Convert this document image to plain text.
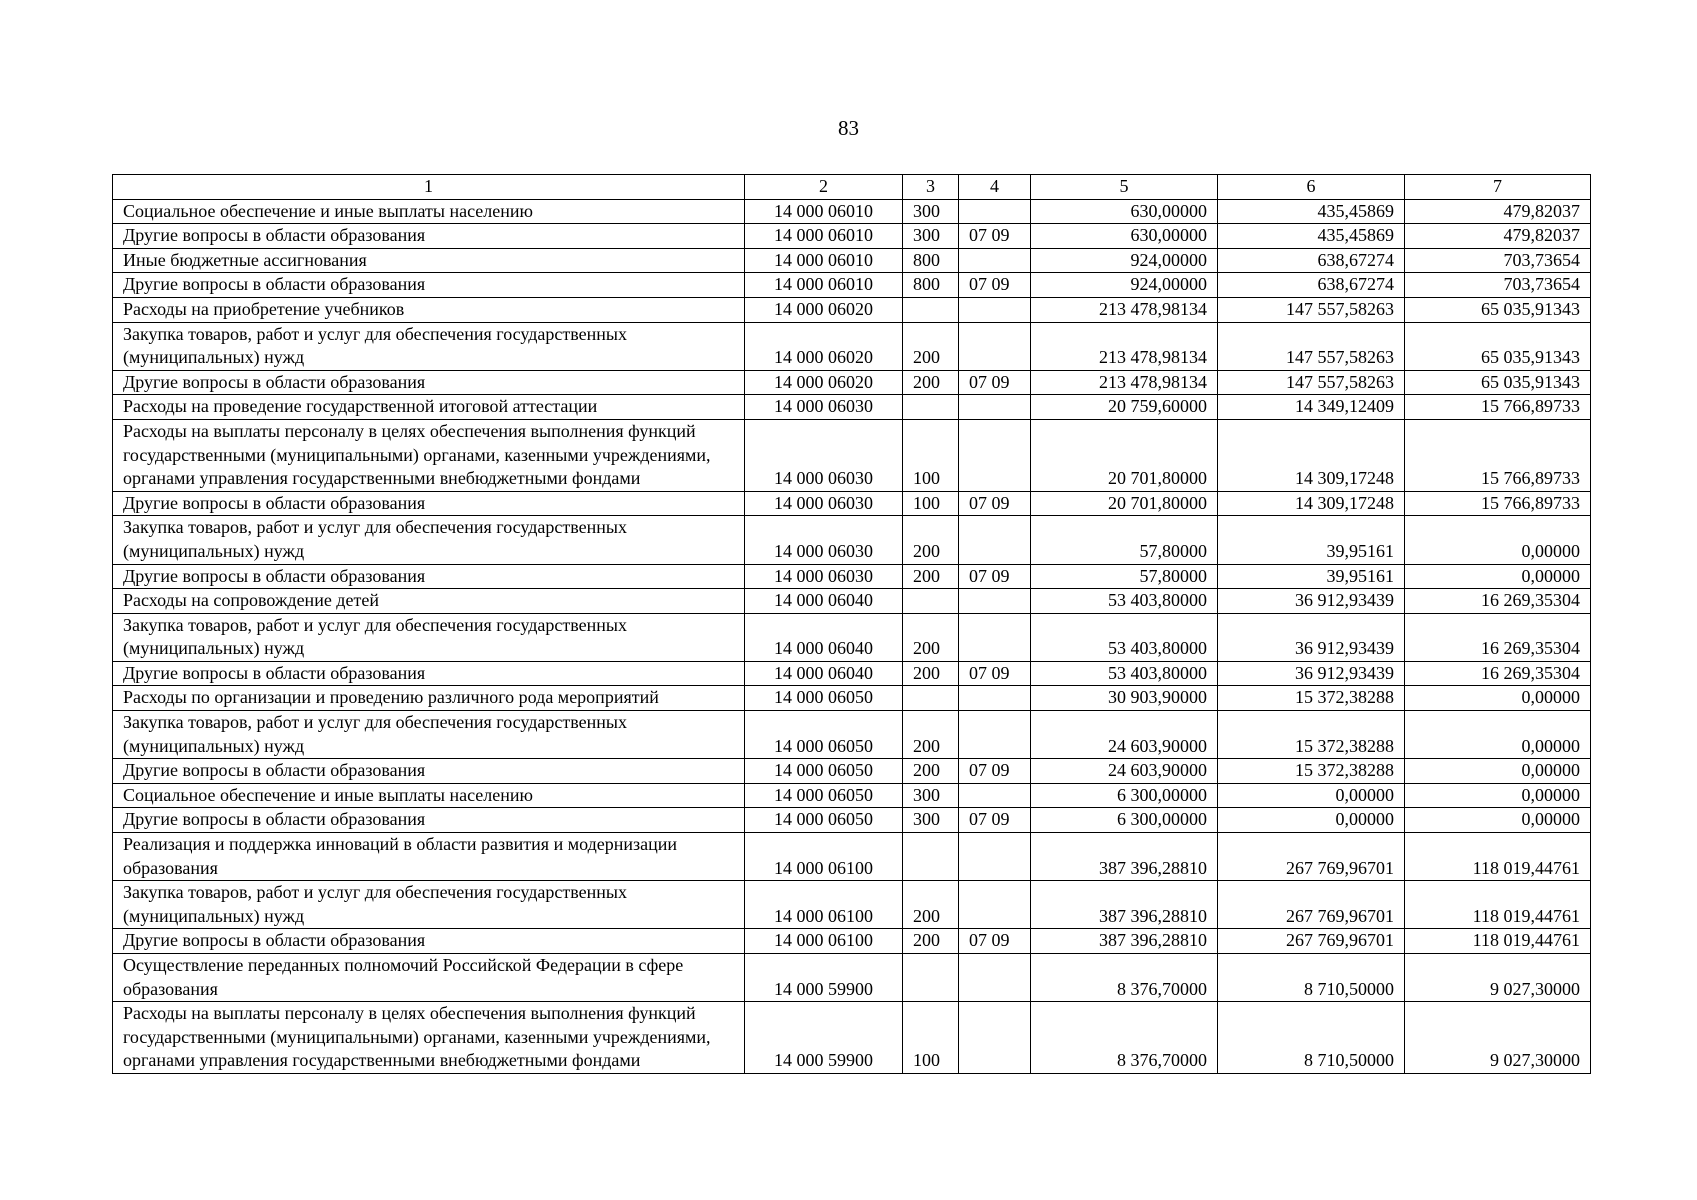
83
1	2	3	4	5	6	7
Социальное обеспечение и иные выплаты населению	14 000 06010	300		630,00000	435,45869	479,82037
Другие вопросы в области образования	14 000 06010	300	07 09	630,00000	435,45869	479,82037
Иные бюджетные ассигнования	14 000 06010	800		924,00000	638,67274	703,73654
Другие вопросы в области образования	14 000 06010	800	07 09	924,00000	638,67274	703,73654
Расходы на приобретение учебников	14 000 06020			213 478,98134	147 557,58263	65 035,91343
Закупка товаров, работ и услуг для обеспечения государственных (муниципальных) нужд	14 000 06020	200		213 478,98134	147 557,58263	65 035,91343
Другие вопросы в области образования	14 000 06020	200	07 09	213 478,98134	147 557,58263	65 035,91343
Расходы на проведение государственной итоговой аттестации	14 000 06030			20 759,60000	14 349,12409	15 766,89733
Расходы на выплаты персоналу в целях обеспечения выполнения функций государственными (муниципальными) органами, казенными учреждениями, органами управления государственными внебюджетными фондами	14 000 06030	100		20 701,80000	14 309,17248	15 766,89733
Другие вопросы в области образования	14 000 06030	100	07 09	20 701,80000	14 309,17248	15 766,89733
Закупка товаров, работ и услуг для обеспечения государственных (муниципальных) нужд	14 000 06030	200		57,80000	39,95161	0,00000
Другие вопросы в области образования	14 000 06030	200	07 09	57,80000	39,95161	0,00000
Расходы на сопровождение детей	14 000 06040			53 403,80000	36 912,93439	16 269,35304
Закупка товаров, работ и услуг для обеспечения государственных (муниципальных) нужд	14 000 06040	200		53 403,80000	36 912,93439	16 269,35304
Другие вопросы в области образования	14 000 06040	200	07 09	53 403,80000	36 912,93439	16 269,35304
Расходы по организации и проведению различного рода мероприятий	14 000 06050			30 903,90000	15 372,38288	0,00000
Закупка товаров, работ и услуг для обеспечения государственных (муниципальных) нужд	14 000 06050	200		24 603,90000	15 372,38288	0,00000
Другие вопросы в области образования	14 000 06050	200	07 09	24 603,90000	15 372,38288	0,00000
Социальное обеспечение и иные выплаты населению	14 000 06050	300		6 300,00000	0,00000	0,00000
Другие вопросы в области образования	14 000 06050	300	07 09	6 300,00000	0,00000	0,00000
Реализация и поддержка инноваций в области развития и модернизации образования	14 000 06100			387 396,28810	267 769,96701	118 019,44761
Закупка товаров, работ и услуг для обеспечения государственных (муниципальных) нужд	14 000 06100	200		387 396,28810	267 769,96701	118 019,44761
Другие вопросы в области образования	14 000 06100	200	07 09	387 396,28810	267 769,96701	118 019,44761
Осуществление переданных полномочий Российской Федерации в сфере образования	14 000 59900			8 376,70000	8 710,50000	9 027,30000
Расходы на выплаты персоналу в целях обеспечения выполнения функций государственными (муниципальными) органами, казенными учреждениями, органами управления государственными внебюджетными фондами	14 000 59900	100		8 376,70000	8 710,50000	9 027,30000
